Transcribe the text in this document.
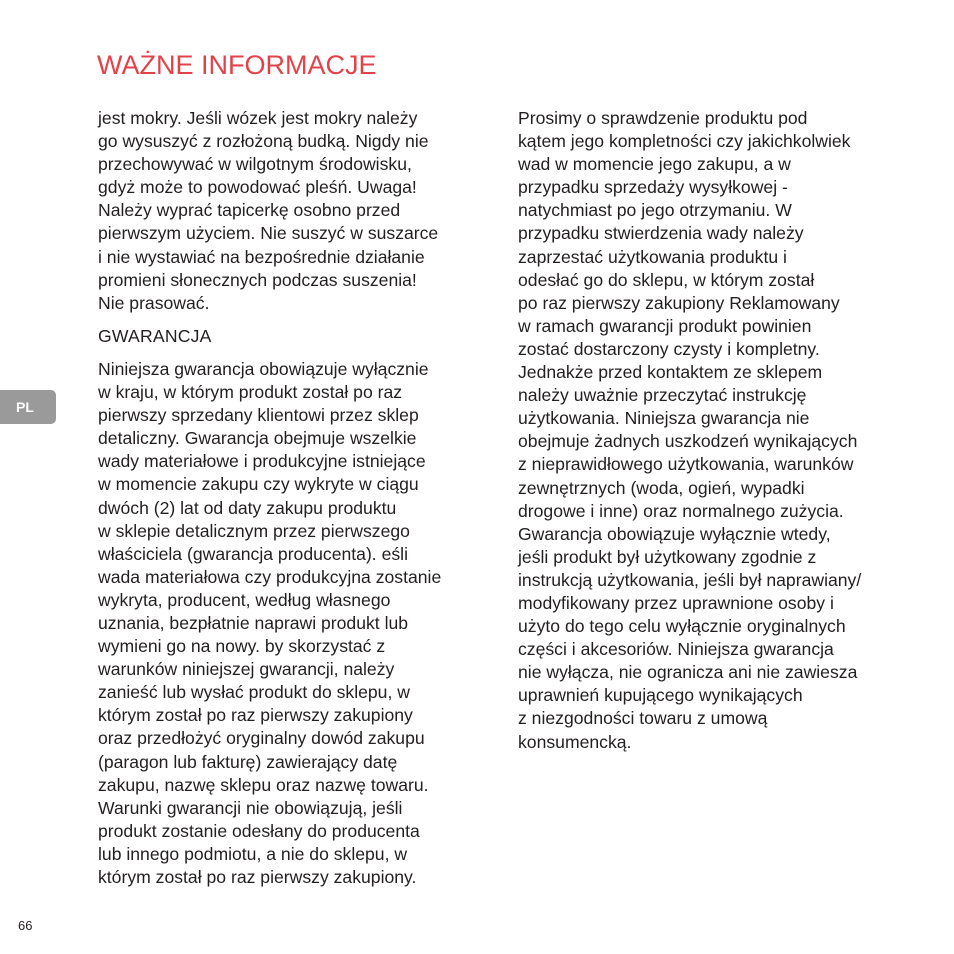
WAŻNE INFORMACJE
jest mokry. Jeśli wózek jest mokry należy
go wysuszyć z rozłożoną budką. Nigdy nie
przechowywać w wilgotnym środowisku,
gdyż może to powodować pleśń. Uwaga!
Należy wyprać tapicerkę osobno przed
pierwszym użyciem. Nie suszyć w suszarce
i nie wystawiać na bezpośrednie działanie
promieni słonecznych podczas suszenia!
Nie prasować.
GWARANCJA
Niniejsza gwarancja obowiązuje wyłącznie
w kraju, w którym produkt został po raz
pierwszy sprzedany klientowi przez sklep
detaliczny. Gwarancja obejmuje wszelkie
wady materiałowe i produkcyjne istniejące
w momencie zakupu czy wykryte w ciągu
dwóch (2) lat od daty zakupu produktu
w sklepie detalicznym przez pierwszego
właściciela (gwarancja producenta). eśli
wada materiałowa czy produkcyjna zostanie
wykryta, producent, według własnego
uznania, bezpłatnie naprawi produkt lub
wymieni go na nowy. by skorzystać z
warunków niniejszej gwarancji, należy
zanieść lub wysłać produkt do sklepu, w
którym został po raz pierwszy zakupiony
oraz przedłożyć oryginalny dowód zakupu
(paragon lub fakturę) zawierający datę
zakupu, nazwę sklepu oraz nazwę towaru.
Warunki gwarancji nie obowiązują, jeśli
produkt zostanie odesłany do producenta
lub innego podmiotu, a nie do sklepu, w
którym został po raz pierwszy zakupiony.
Prosimy o sprawdzenie produktu pod
kątem jego kompletności czy jakichkolwiek
wad w momencie jego zakupu, a w
przypadku sprzedaży wysyłkowej -
natychmiast po jego otrzymaniu. W
przypadku stwierdzenia wady należy
zaprzestać użytkowania produktu i
odesłać go do sklepu, w którym został
po raz pierwszy zakupiony Reklamowany
w ramach gwarancji produkt powinien
zostać dostarczony czysty i kompletny.
Jednakże przed kontaktem ze sklepem
należy uważnie przeczytać instrukcję
użytkowania. Niniejsza gwarancja nie
obejmuje żadnych uszkodzeń wynikających
z nieprawidłowego użytkowania, warunków
zewnętrznych (woda, ogień, wypadki
drogowe i inne) oraz normalnego zużycia.
Gwarancja obowiązuje wyłącznie wtedy,
jeśli produkt był użytkowany zgodnie z
instrukcją użytkowania, jeśli był naprawiany/
modyfikowany przez uprawnione osoby i
użyto do tego celu wyłącznie oryginalnych
części i akcesoriów. Niniejsza gwarancja
nie wyłącza, nie ogranicza ani nie zawiesza
uprawnień kupującego wynikających
z niezgodności towaru z umową
konsumencką.
PL
66
